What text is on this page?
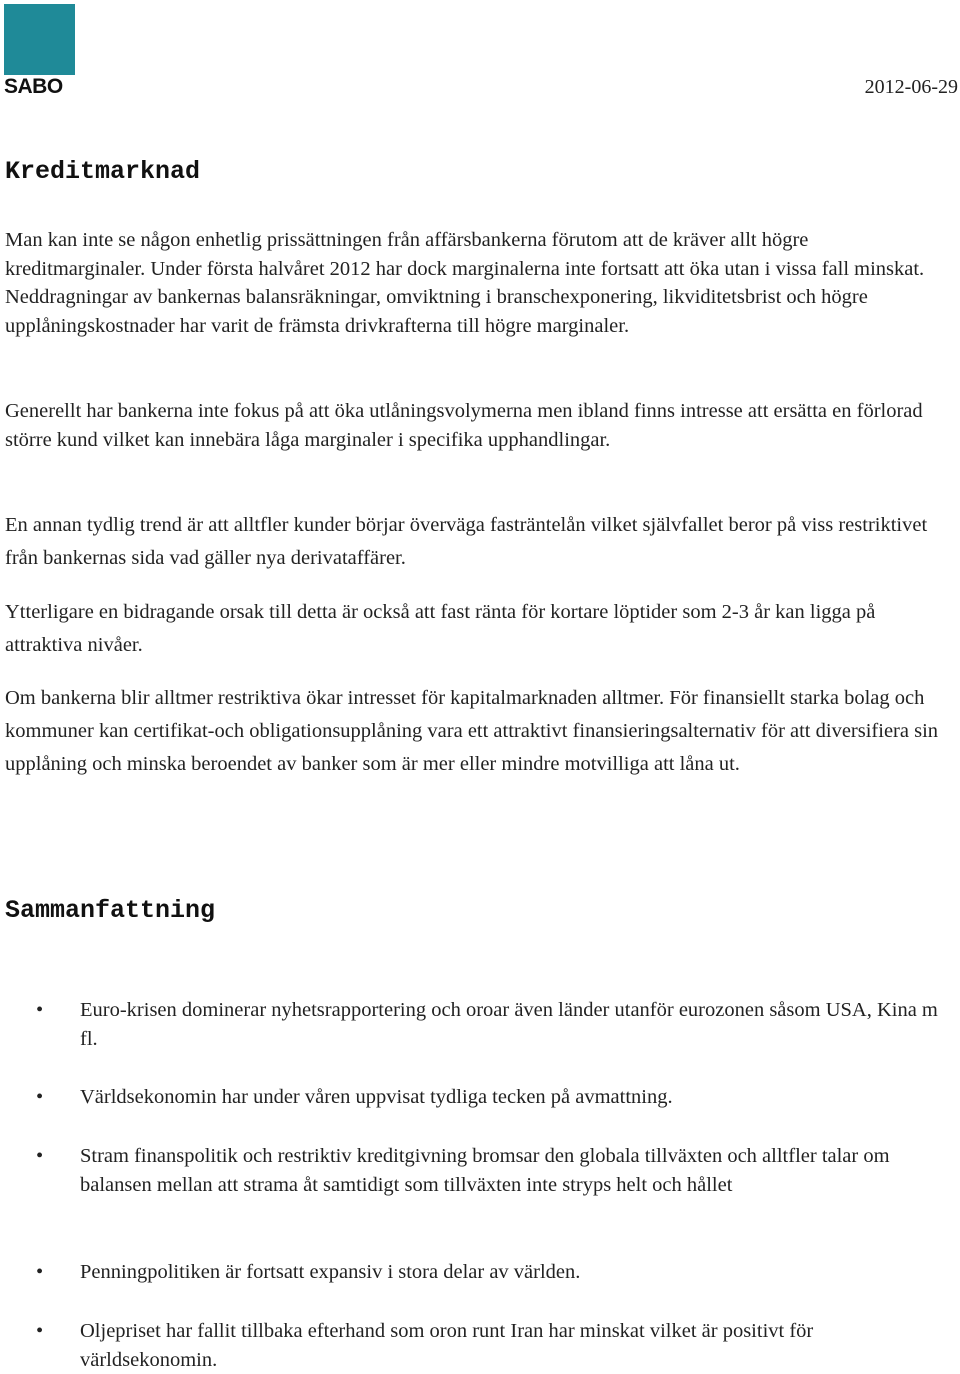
SABO	2012-06-29
Kreditmarknad

Man kan inte se någon enhetlig prissättningen från affärsbankerna förutom att de kräver allt högre kreditmarginaler. Under första halvåret 2012 har dock marginalerna inte fortsatt att öka utan i vissa fall minskat. Neddragningar av bankernas balansräkningar, omviktning i branschexponering, likviditetsbrist och högre upplåningskostnader har varit de främsta drivkrafterna till högre marginaler.

Generellt har bankerna inte fokus på att öka utlåningsvolymerna men ibland finns intresse att ersätta en förlorad större kund vilket kan innebära låga marginaler i specifika upphandlingar.

En annan tydlig trend är att alltfler kunder börjar överväga fasträntelån vilket självfallet beror på viss restriktivet från bankernas sida vad gäller nya derivataffärer.

Ytterligare en bidragande orsak till detta är också att fast ränta för kortare löptider som 2-3 år kan ligga på attraktiva nivåer.

Om bankerna blir alltmer restriktiva ökar intresset för kapitalmarknaden alltmer. För finansiellt starka bolag och kommuner kan certifikat-och obligationsupplåning vara ett attraktivt finansieringsalternativ för att diversifiera sin upplåning och minska beroendet av banker som är mer eller mindre motvilliga att låna ut.

Sammanfattning
• Euro-krisen dominerar nyhetsrapportering och oroar även länder utanför eurozonen såsom USA, Kina m fl.
• Världsekonomin har under våren uppvisat tydliga tecken på avmattning.
• Stram finanspolitik och restriktiv kreditgivning bromsar den globala tillväxten och alltfler talar om balansen mellan att strama åt samtidigt som tillväxten inte stryps helt och hållet
• Penningpolitiken är fortsatt expansiv i stora delar av världen.
• Oljepriset har fallit tillbaka efterhand som oron runt Iran har minskat vilket är positivt för världsekonomin.
